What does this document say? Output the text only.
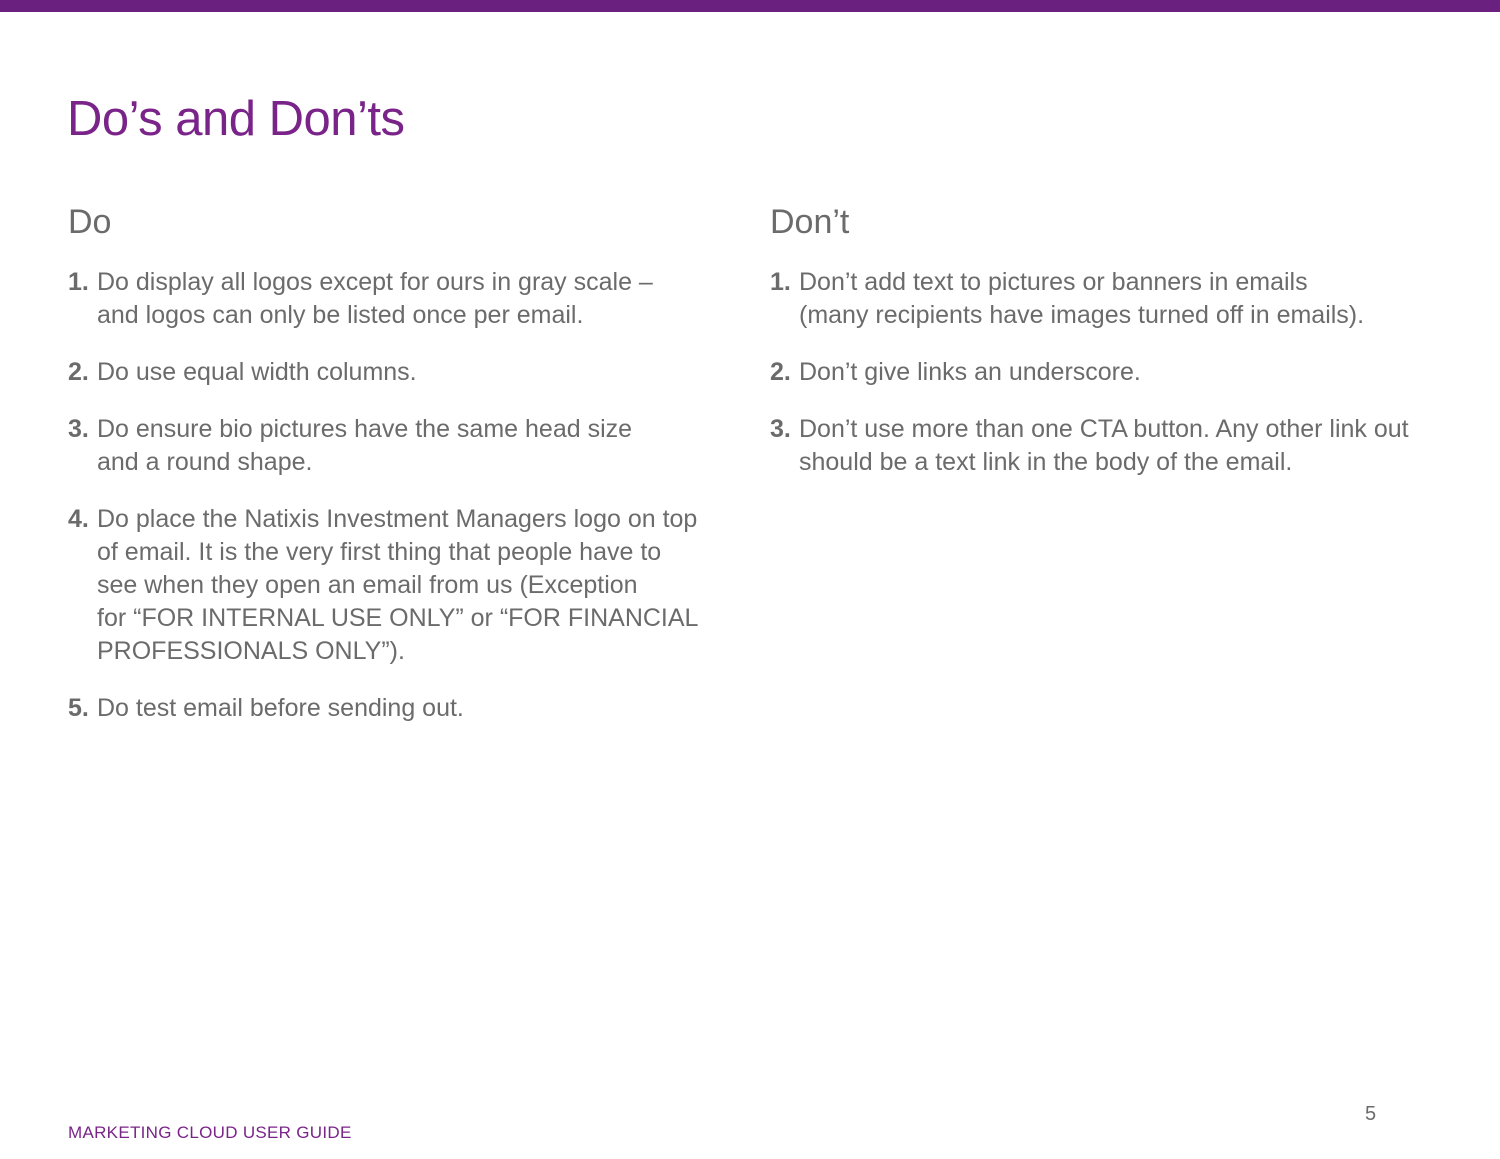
Do’s and Don’ts
Do
1. Do display all logos except for ours in gray scale –
and logos can only be listed once per email.
2. Do use equal width columns.
3. Do ensure bio pictures have the same head size
and a round shape.
4. Do place the Natixis Investment Managers logo on top
of email. It is the very first thing that people have to
see when they open an email from us (Exception
for “FOR INTERNAL USE ONLY” or “FOR FINANCIAL
PROFESSIONALS ONLY”).
5. Do test email before sending out.
Don’t
1. Don’t add text to pictures or banners in emails
(many recipients have images turned off in emails).
2. Don’t give links an underscore.
3. Don’t use more than one CTA button. Any other link out
should be a text link in the body of the email.
5
MARKETING CLOUD USER GUIDE
